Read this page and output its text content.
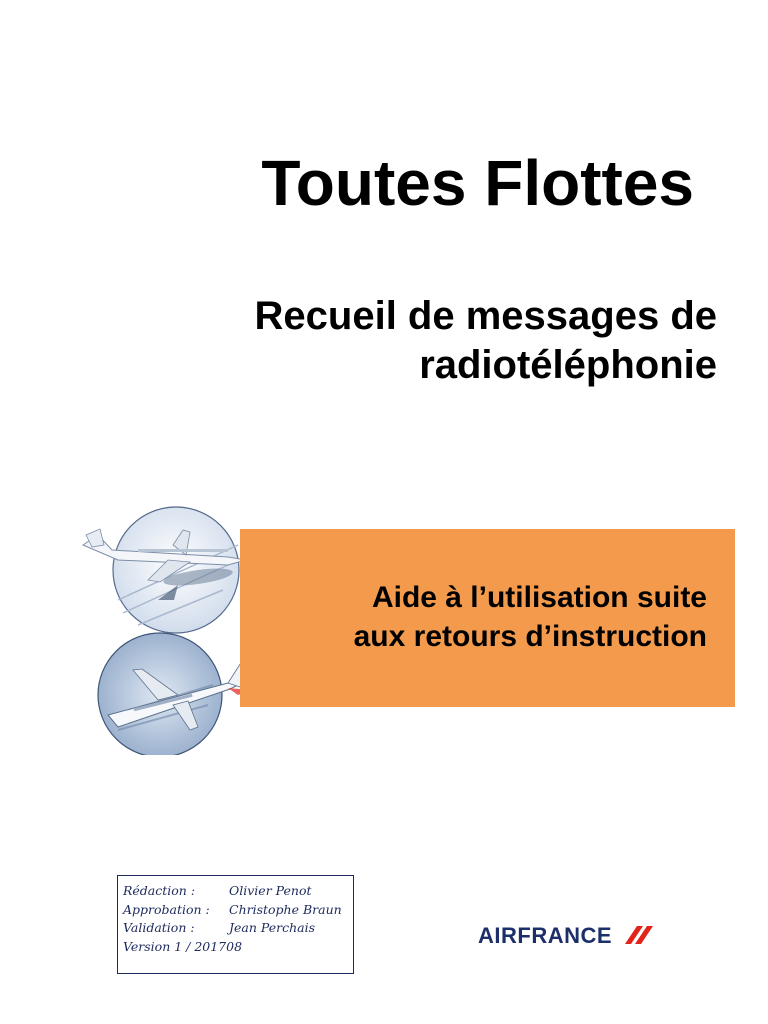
Toutes Flottes
Recueil de messages de
radiotéléphonie
Aide à l’utilisation suite
aux retours d’instruction
Rédaction :	Olivier Penot
Approbation : Christophe Braun
Validation :	Jean Perchais
Version 1 / 201708	AIRFRANCE
